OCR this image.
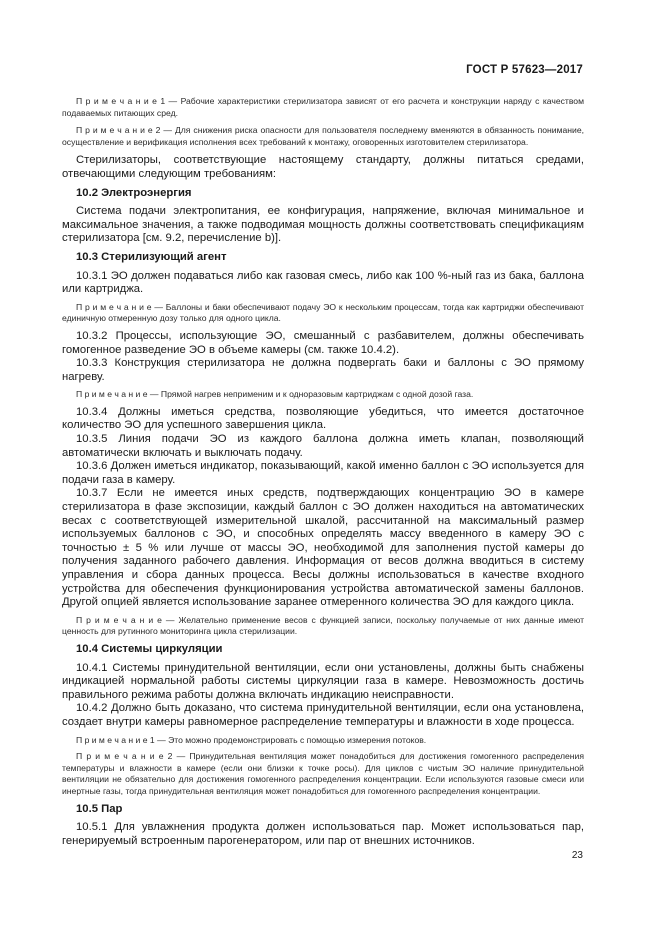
ГОСТ Р 57623—2017

П р и м е ч а н и е 1 — Рабочие характеристики стерилизатора зависят от его расчета и конструкции наряду с качеством подаваемых питающих сред.

П р и м е ч а н и е 2 — Для снижения риска опасности для пользователя последнему вменяются в обязанность понимание, осуществление и верификация исполнения всех требований к монтажу, оговоренных изготовителем стерилизатора.

Стерилизаторы, соответствующие настоящему стандарту, должны питаться средами, отвечающими следующим требованиям:

10.2 Электроэнергия

Система подачи электропитания, ее конфигурация, напряжение, включая минимальное и максимальное значения, а также подводимая мощность должны соответствовать спецификациям стерилизатора [см. 9.2, перечисление b)].

10.3 Стерилизующий агент

10.3.1 ЭО должен подаваться либо как газовая смесь, либо как 100 %-ный газ из бака, баллона или картриджа.

П р и м е ч а н и е — Баллоны и баки обеспечивают подачу ЭО к нескольким процессам, тогда как картриджи обеспечивают единичную отмеренную дозу только для одного цикла.

10.3.2 Процессы, использующие ЭО, смешанный с разбавителем, должны обеспечивать гомогенное разведение ЭО в объеме камеры (см. также 10.4.2).

10.3.3 Конструкция стерилизатора не должна подвергать баки и баллоны с ЭО прямому нагреву.

П р и м е ч а н и е — Прямой нагрев неприменим и к одноразовым картриджам с одной дозой газа.

10.3.4 Должны иметься средства, позволяющие убедиться, что имеется достаточное количество ЭО для успешного завершения цикла.

10.3.5 Линия подачи ЭО из каждого баллона должна иметь клапан, позволяющий автоматически включать и выключать подачу.

10.3.6 Должен иметься индикатор, показывающий, какой именно баллон с ЭО используется для подачи газа в камеру.

10.3.7 Если не имеется иных средств, подтверждающих концентрацию ЭО в камере стерилизатора в фазе экспозиции, каждый баллон с ЭО должен находиться на автоматических весах с соответствующей измерительной шкалой, рассчитанной на максимальный размер используемых баллонов с ЭО, и способных определять массу введенного в камеру ЭО с точностью ± 5 % или лучше от массы ЭО, необходимой для заполнения пустой камеры до получения заданного рабочего давления. Информация от весов должна вводиться в систему управления и сбора данных процесса. Весы должны использоваться в качестве входного устройства для обеспечения функционирования устройства автоматической замены баллонов. Другой опцией является использование заранее отмеренного количества ЭО для каждого цикла.

П р и м е ч а н и е — Желательно применение весов с функцией записи, поскольку получаемые от них данные имеют ценность для рутинного мониторинга цикла стерилизации.

10.4 Системы циркуляции

10.4.1 Системы принудительной вентиляции, если они установлены, должны быть снабжены индикацией нормальной работы системы циркуляции газа в камере. Невозможность достичь правильного режима работы должна включать индикацию неисправности.

10.4.2 Должно быть доказано, что система принудительной вентиляции, если она установлена, создает внутри камеры равномерное распределение температуры и влажности в ходе процесса.

П р и м е ч а н и е 1 — Это можно продемонстрировать с помощью измерения потоков.

П р и м е ч а н и е 2 — Принудительная вентиляция может понадобиться для достижения гомогенного распределения температуры и влажности в камере (если они близки к точке росы). Для циклов с чистым ЭО наличие принудительной вентиляции не обязательно для достижения гомогенного распределения концентрации. Если используются газовые смеси или инертные газы, тогда принудительная вентиляция может понадобиться для гомогенного распределения концентрации.

10.5 Пар

10.5.1 Для увлажнения продукта должен использоваться пар. Может использоваться пар, генерируемый встроенным парогенератором, или пар от внешних источников.

23
